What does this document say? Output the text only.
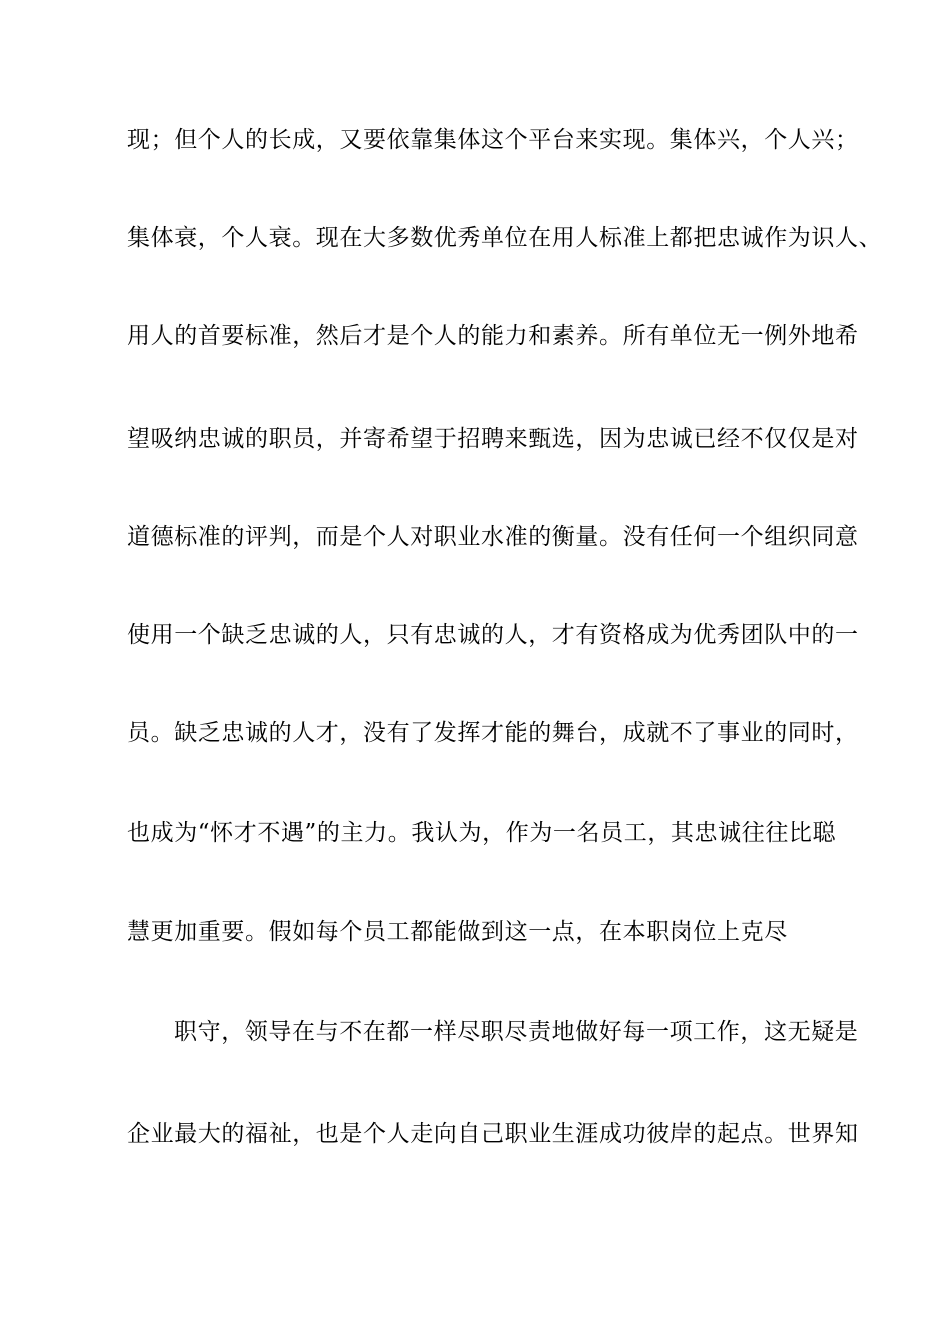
现；但个人的长成，又要依靠集体这个平台来实现。集体兴，个人兴；
集体衰，个人衰。现在大多数优秀单位在用人标准上都把忠诚作为识人、
用人的首要标准，然后才是个人的能力和素养。所有单位无一例外地希
望吸纳忠诚的职员，并寄希望于招聘来甄选，因为忠诚已经不仅仅是对
道德标准的评判，而是个人对职业水准的衡量。没有任何一个组织同意
使用一个缺乏忠诚的人，只有忠诚的人，才有资格成为优秀团队中的一
员。缺乏忠诚的人才，没有了发挥才能的舞台，成就不了事业的同时，
也成为“怀才不遇”的主力。我认为，作为一名员工，其忠诚往往比聪
慧更加重要。假如每个员工都能做到这一点，在本职岗位上克尽
职守，领导在与不在都一样尽职尽责地做好每一项工作，这无疑是
企业最大的福祉，也是个人走向自己职业生涯成功彼岸的起点。世界知
